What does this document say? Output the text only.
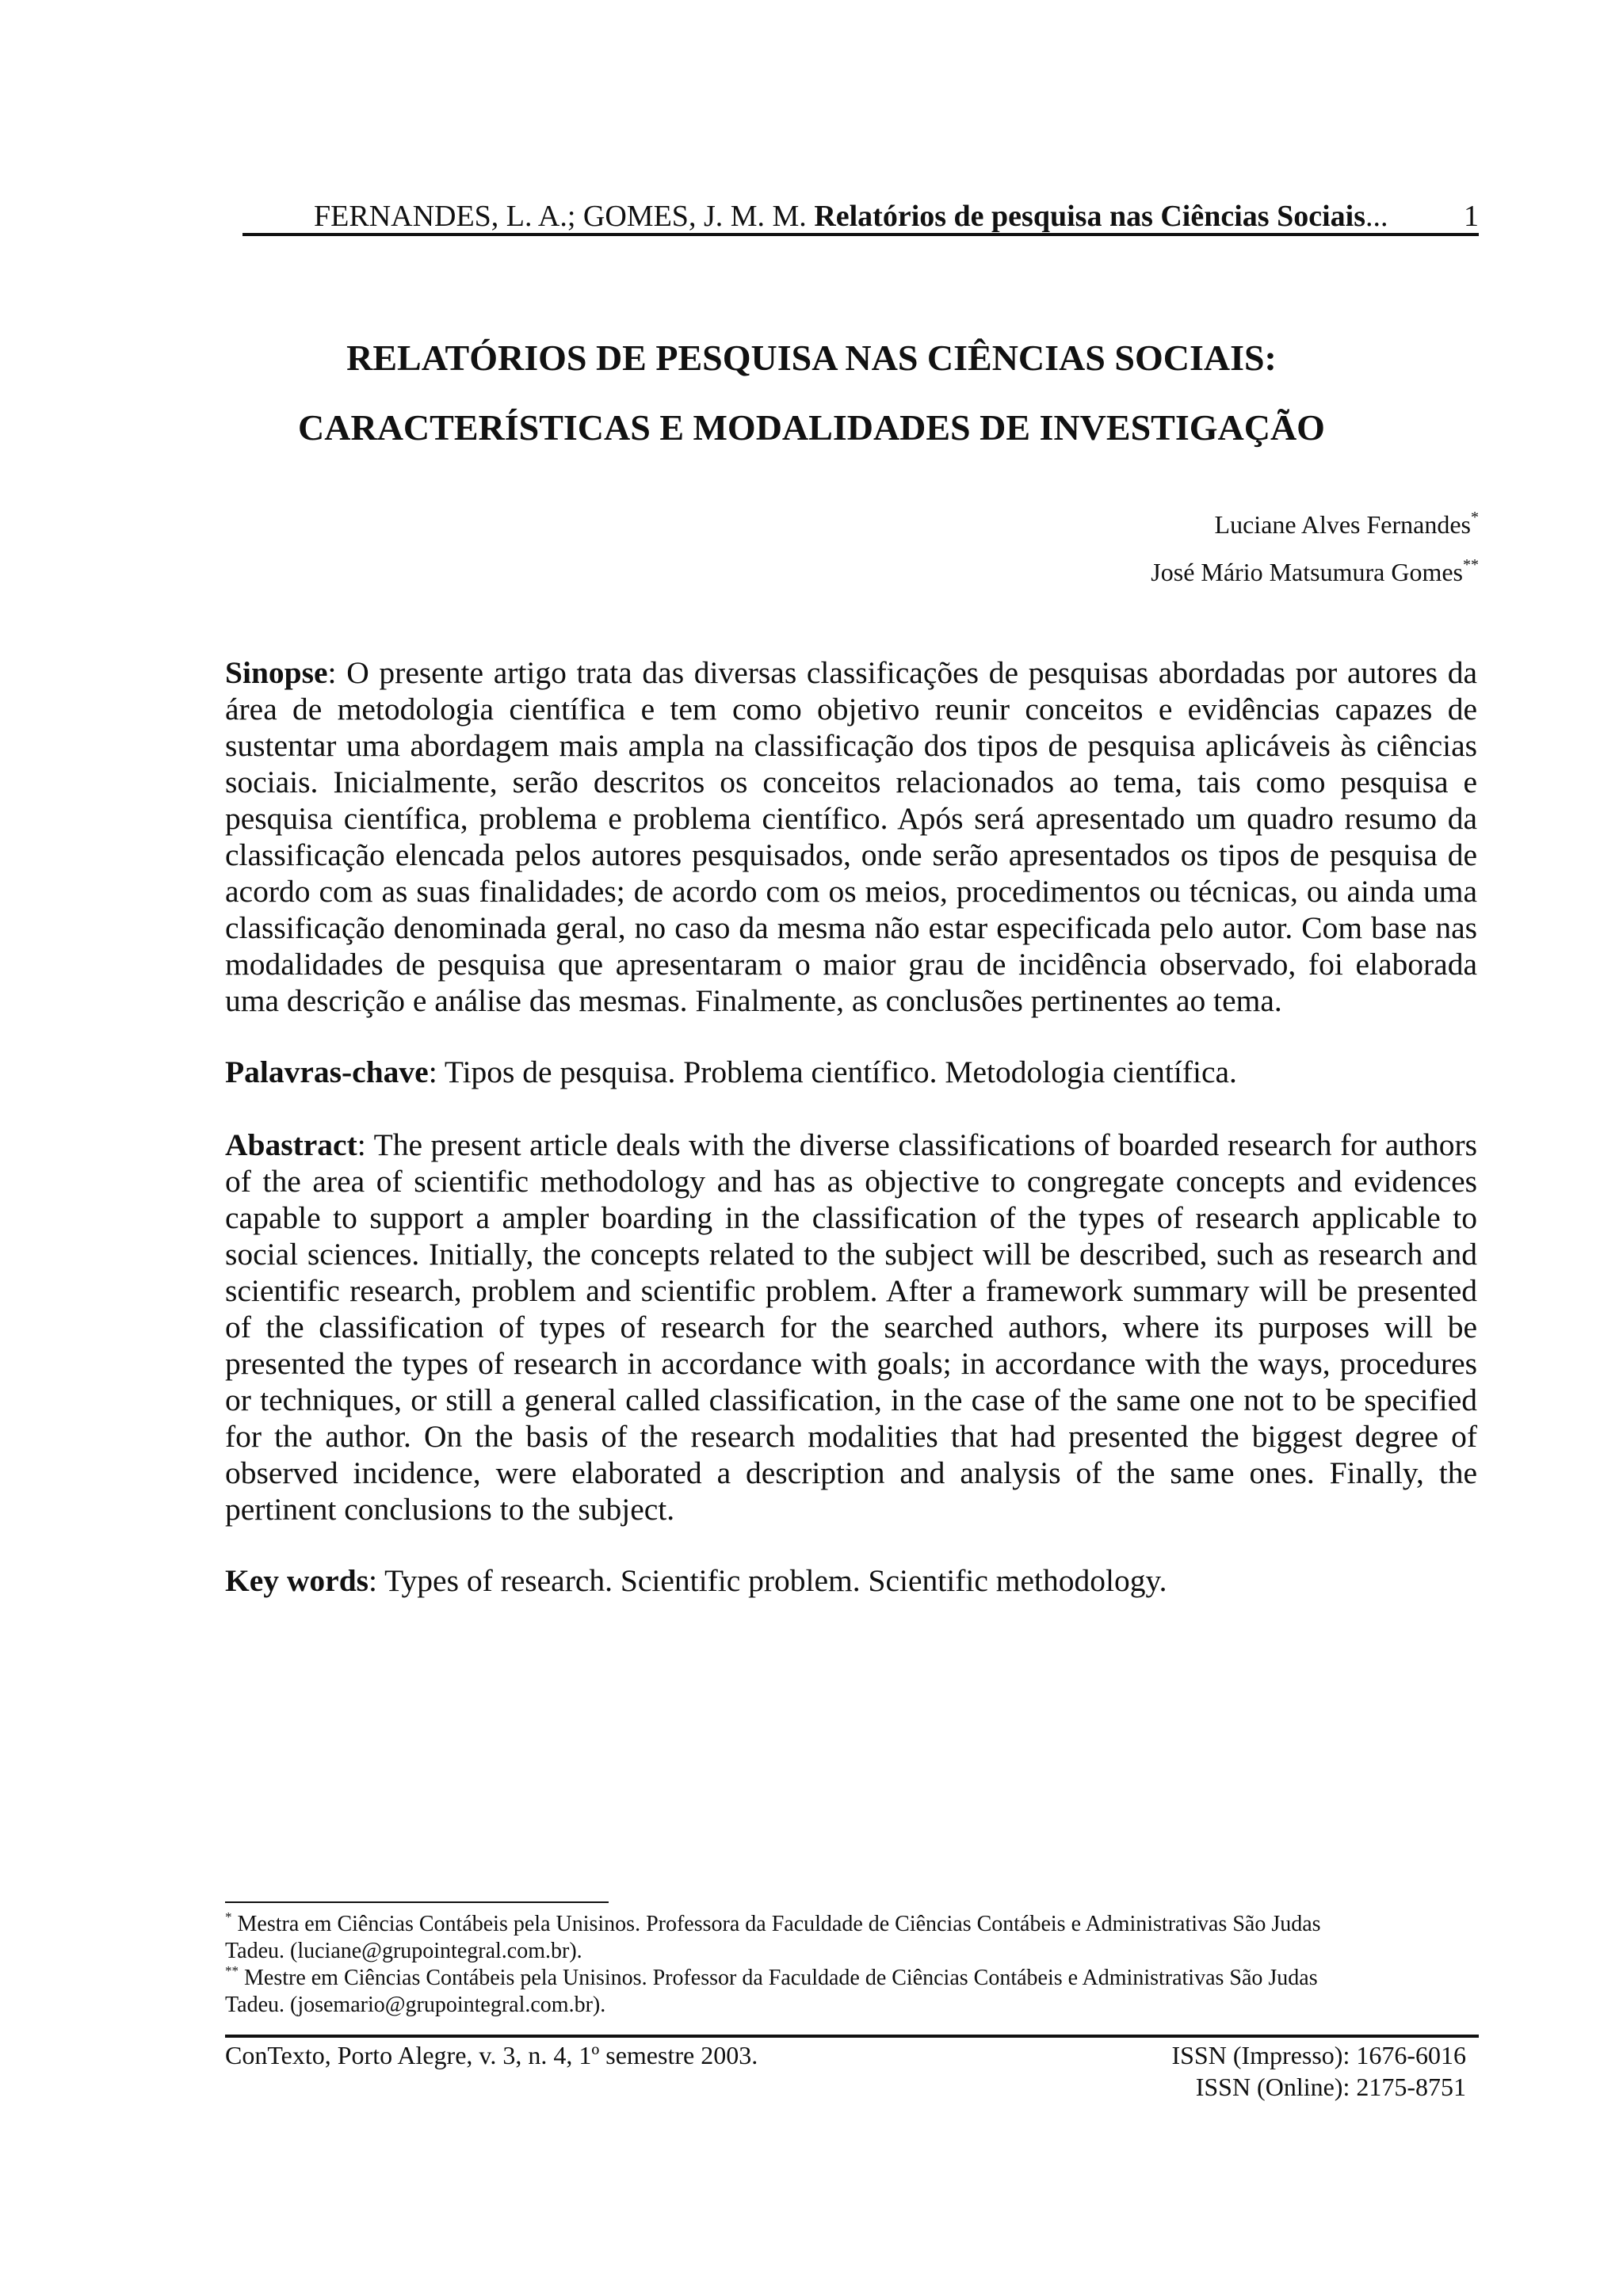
FERNANDES, L. A.; GOMES, J. M. M. Relatórios de pesquisa nas Ciências Sociais...	1
RELATÓRIOS DE PESQUISA NAS CIÊNCIAS SOCIAIS:
CARACTERÍSTICAS E MODALIDADES DE INVESTIGAÇÃO
Luciane Alves Fernandes*
José Mário Matsumura Gomes**
Sinopse: O presente artigo trata das diversas classificações de pesquisas abordadas por autores da área de metodologia científica e tem como objetivo reunir conceitos e evidências capazes de sustentar uma abordagem mais ampla na classificação dos tipos de pesquisa aplicáveis às ciências sociais. Inicialmente, serão descritos os conceitos relacionados ao tema, tais como pesquisa e pesquisa científica, problema e problema científico. Após será apresentado um quadro resumo da classificação elencada pelos autores pesquisados, onde serão apresentados os tipos de pesquisa de acordo com as suas finalidades; de acordo com os meios, procedimentos ou técnicas, ou ainda uma classificação denominada geral, no caso da mesma não estar especificada pelo autor. Com base nas modalidades de pesquisa que apresentaram o maior grau de incidência observado, foi elaborada uma descrição e análise das mesmas. Finalmente, as conclusões pertinentes ao tema.
Palavras-chave: Tipos de pesquisa. Problema científico. Metodologia científica.
Abastract: The present article deals with the diverse classifications of boarded research for authors of the area of scientific methodology and has as objective to congregate concepts and evidences capable to support a ampler boarding in the classification of the types of research applicable to social sciences. Initially, the concepts related to the subject will be described, such as research and scientific research, problem and scientific problem. After a framework summary will be presented of the classification of types of research for the searched authors, where its purposes will be presented the types of research in accordance with goals; in accordance with the ways, procedures or techniques, or still a general called classification, in the case of the same one not to be specified for the author. On the basis of the research modalities that had presented the biggest degree of observed incidence, were elaborated a description and analysis of the same ones. Finally, the pertinent conclusions to the subject.
Key words: Types of research. Scientific problem. Scientific methodology.
* Mestra em Ciências Contábeis pela Unisinos. Professora da Faculdade de Ciências Contábeis e Administrativas São Judas
Tadeu. (luciane@grupointegral.com.br).
** Mestre em Ciências Contábeis pela Unisinos. Professor da Faculdade de Ciências Contábeis e Administrativas São Judas
Tadeu. (josemario@grupointegral.com.br).
ConTexto, Porto Alegre, v. 3, n. 4, 1º semestre 2003.	ISSN (Impresso): 1676-6016
ISSN (Online): 2175-8751
